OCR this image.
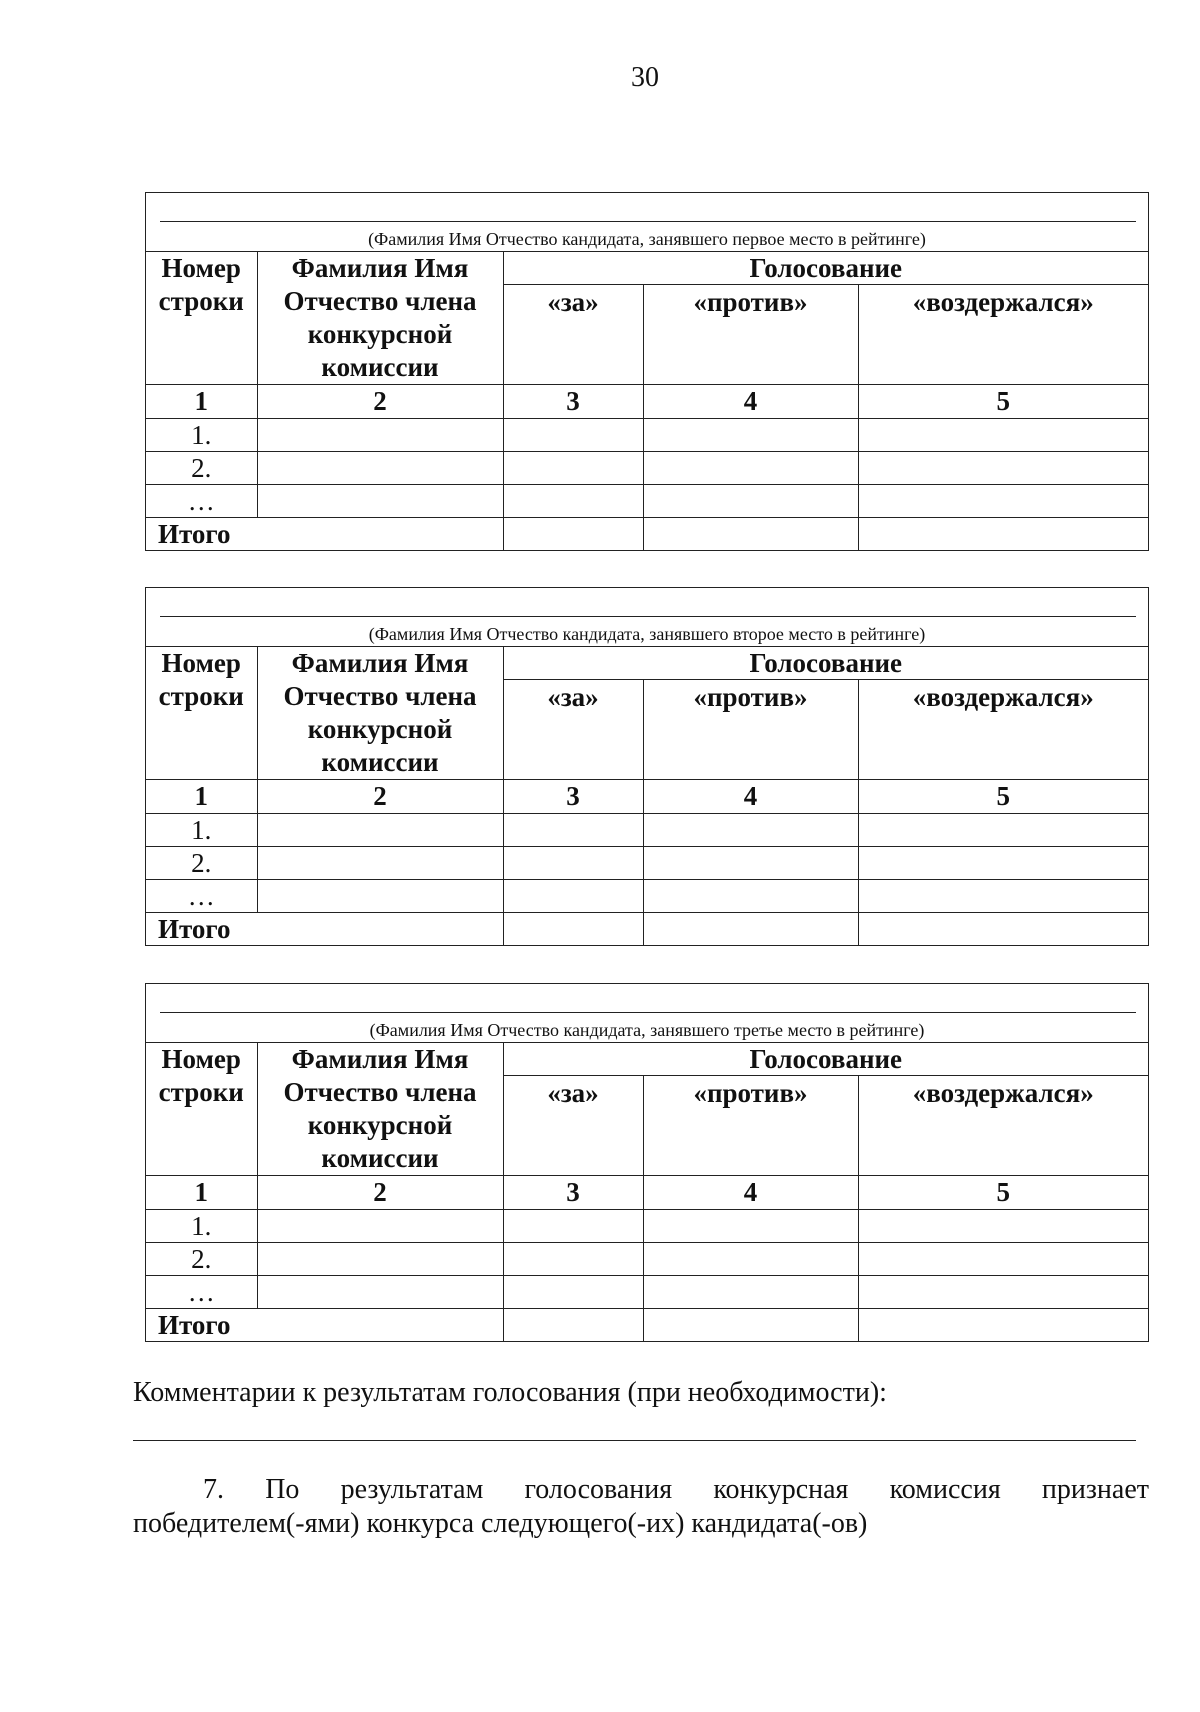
30
(Фамилия Имя Отчество кандидата, занявшего первое место в рейтинге)
Номер строки	Фамилия Имя Отчество члена конкурсной комиссии	Голосование		
		«за»	«против»	«воздержался»
1	2	3	4	5
1.				
2.				
…				
Итого				
(Фамилия Имя Отчество кандидата, занявшего второе место в рейтинге)
Номер строки	Фамилия Имя Отчество члена конкурсной комиссии	Голосование		
		«за»	«против»	«воздержался»
1	2	3	4	5
1.				
2.				
…				
Итого				
(Фамилия Имя Отчество кандидата, занявшего третье место в рейтинге)
Номер строки	Фамилия Имя Отчество члена конкурсной комиссии	Голосование		
		«за»	«против»	«воздержался»
1	2	3	4	5
1.				
2.				
…				
Итого				
Комментарии к результатам голосования (при необходимости):
7. По результатам голосования конкурсная комиссия признает
победителем(-ями) конкурса следующего(-их) кандидата(-ов)
